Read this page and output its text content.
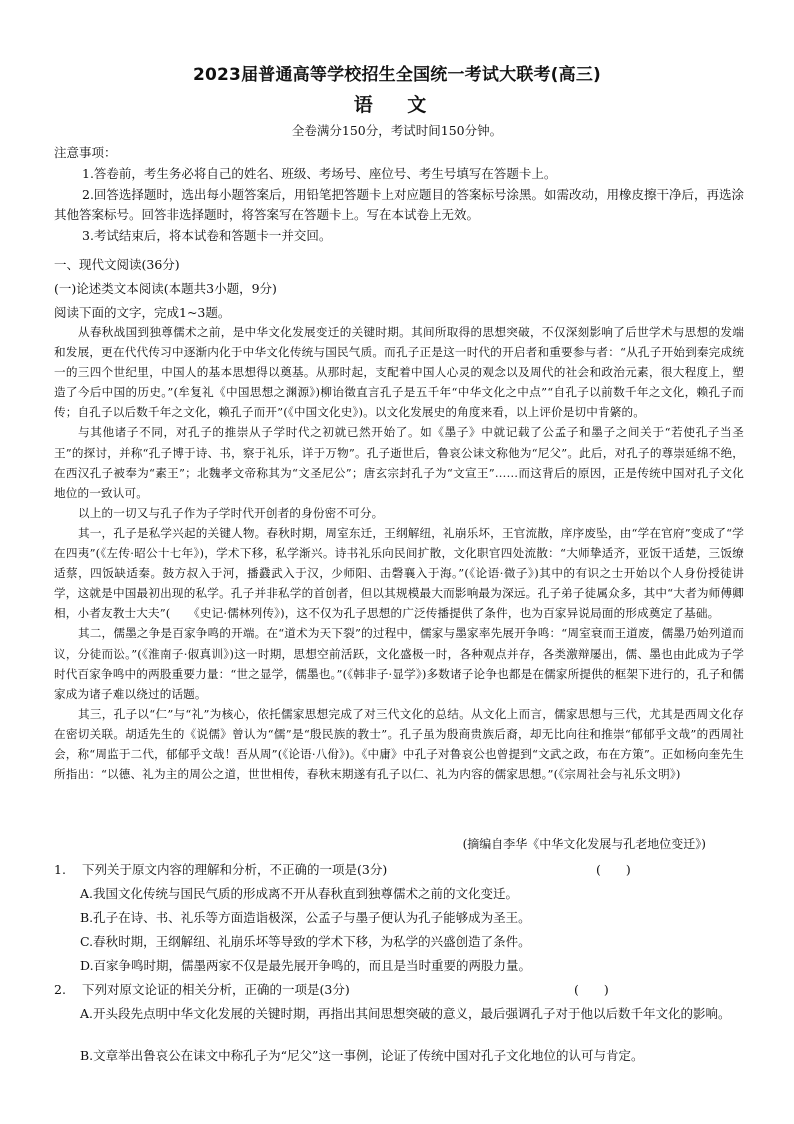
2023届普通高等学校招生全国统一考试大联考(高三)
语 文
全卷满分150分，考试时间150分钟。
注意事项：

1.答卷前，考生务必将自己的姓名、班级、考场号、座位号、考生号填写在答题卡上。

2.回答选择题时，选出每小题答案后，用铅笔把答题卡上对应题目的答案标号涂黑。如需改动，用橡皮擦干净后，再选涂其他答案标号。回答非选择题时，将答案写在答题卡上。写在本试卷上无效。

3.考试结束后，将本试卷和答题卡一并交回。

一、现代文阅读(36分)
(一)论述类文本阅读(本题共3小题，9分)
阅读下面的文字，完成1~3题。

从春秋战国到独尊儒术之前，是中华文化发展变迁的关键时期。其间所取得的思想突破，不仅深刻影响了后世学术与思想的发端和发展，更在代代传习中逐渐内化于中华文化传统与国民气质。而孔子正是这一时代的开启者和重要参与者：“从孔子开始到秦完成统一的三四个世纪里，中国人的基本思想得以奠基。从那时起，支配着中国人心灵的观念以及周代的社会和政治元素，很大程度上，塑造了今后中国的历史。”(牟复礼《中国思想之渊源》)柳诒徵直言孔子是五千年“中华文化之中点”“自孔子以前数千年之文化，赖孔子而传；自孔子以后数千年之文化，赖孔子而开”(《中国文化史》)。以文化发展史的角度来看，以上评价是切中肯綮的。

与其他诸子不同，对孔子的推崇从子学时代之初就已然开始了。如《墨子》中就记载了公孟子和墨子之间关于“若使孔子当圣王”的探讨，并称“孔子博于诗、书，察于礼乐，详于万物”。孔子逝世后，鲁哀公诔文称他为“尼父”。此后，对孔子的尊崇延绵不绝，在西汉孔子被奉为“素王”；北魏孝文帝称其为“文圣尼公”；唐玄宗封孔子为“文宣王”……而这背后的原因，正是传统中国对孔子文化地位的一致认可。

以上的一切又与孔子作为子学时代开创者的身份密不可分。

其一，孔子是私学兴起的关键人物。春秋时期，周室东迁，王纲解纽，礼崩乐坏，王官流散，庠序废坠，由“学在官府”变成了“学在四夷”(《左传·昭公十七年》)，学术下移，私学渐兴。诗书礼乐向民间扩散，文化职官四处流散：“大师挚适齐，亚饭干适楚，三饭缭适蔡，四饭缺适秦。鼓方叔入于河，播鼗武入于汉，少师阳、击磬襄入于海。”(《论语·微子》)其中的有识之士开始以个人身份授徒讲学，这就是中国最初出现的私学。孔子并非私学的首创者，但以其规模最大而影响最为深远。孔子弟子徒属众多，其中“大者为师傅卿相，小者友教士大夫”(　　《史记·儒林列传》)，这不仅为孔子思想的广泛传播提供了条件，也为百家异说局面的形成奠定了基础。

其二，儒墨之争是百家争鸣的开端。在“道术为天下裂”的过程中，儒家与墨家率先展开争鸣：“周室衰而王道废，儒墨乃始列道而议，分徒而讼。”(《淮南子·俶真训》)这一时期，思想空前活跃，文化盛极一时，各种观点并存，各类激辩屡出，儒、墨也由此成为子学时代百家争鸣中的两股重要力量：“世之显学，儒墨也。”(《韩非子·显学》)多数诸子论争也都是在儒家所提供的框架下进行的，孔子和儒家成为诸子难以绕过的话题。

其三，孔子以“仁”与“礼”为核心，依托儒家思想完成了对三代文化的总结。从文化上而言，儒家思想与三代，尤其是西周文化存在密切关联。胡适先生的《说儒》曾认为“儒”是“殷民族的教士”。孔子虽为殷商贵族后裔，却无比向往和推崇“郁郁乎文哉”的西周社会，称“周监于二代，郁郁乎文哉！吾从周”(《论语·八佾》)。《中庸》中孔子对鲁哀公也曾提到“文武之政，布在方策”。正如杨向奎先生所指出：“以德、礼为主的周公之道，世世相传，春秋末期遂有孔子以仁、礼为内容的儒家思想。”(《宗周社会与礼乐文明》)

(摘编自李华《中华文化发展与孔老地位变迁》)
1. 下列关于原文内容的理解和分析，不正确的一项是(3分)	(　　)
A.我国文化传统与国民气质的形成离不开从春秋直到独尊儒术之前的文化变迁。
B.孔子在诗、书、礼乐等方面造诣极深，公孟子与墨子便认为孔子能够成为圣王。
C.春秋时期，王纲解纽、礼崩乐坏等导致的学术下移，为私学的兴盛创造了条件。
D.百家争鸣时期，儒墨两家不仅是最先展开争鸣的，而且是当时重要的两股力量。
2. 下列对原文论证的相关分析，正确的一项是(3分)	(　　)
A.开头段先点明中华文化发展的关键时期，再指出其间思想突破的意义，最后强调孔子对于他以后数千年文化的影响。
B.文章举出鲁哀公在诔文中称孔子为“尼父”这一事例，论证了传统中国对孔子文化地位的认可与肯定。
